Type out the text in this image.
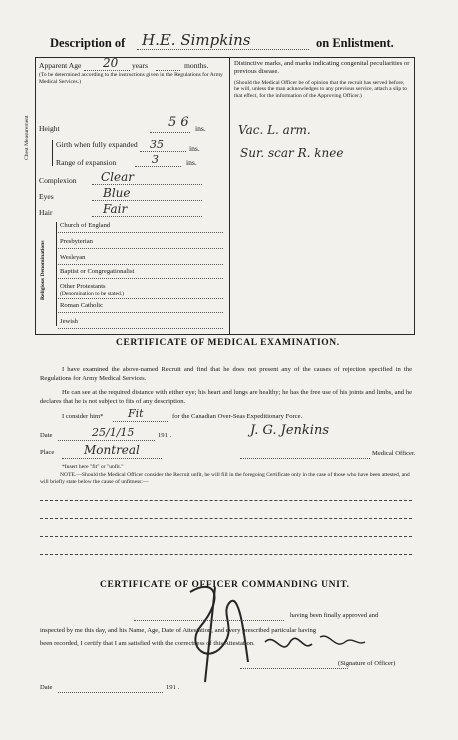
Description of H.E. Simpkins	on Enlistment.
Apparent Age 20 years	months.
(To be determined according to the instructions given in the Regulations for Army Medical Services.)
Height	5 6 ins.
Chest Measurement	Girth when fully expanded	35	ins.
Range of expansion	3	ins.
Complexion Clear
Eyes	Blue
Hair	Fair
Religious Denominations
Church of England
Presbyterian
Wesleyan
Baptist or Congregationalist
Other Protestants
(Denomination to be stated.)
Roman Catholic
Jewish
Distinctive marks, and marks indicating congenital peculiarities or previous disease.
(Should the Medical Officer be of opinion that the recruit has served before, he will, unless the man acknowledges to any previous service, attach a slip to that effect, for the information of the Approving Officer.)
Vac. L. arm.
Sur. scar R. knee
CERTIFICATE OF MEDICAL EXAMINATION.
I have examined the above-named Recruit and find that he does not present any of the causes of rejection specified in the Regulations for Army Medical Services.
He can see at the required distance with either eye; his heart and lungs are healthy; he has the free use of his joints and limbs, and he declares that he is not subject to fits of any description.
I consider him* Fit	for the Canadian Over-Seas Expeditionary Force.
Date	25/1/15	191 .	J. G. Jenkins
Place Montreal	Medical Officer.
*Insert here "fit" or "unfit."
NOTE.—Should the Medical Officer consider the Recruit unfit, he will fill in the foregoing Certificate only in the case of those who have been attested, and will briefly state below the cause of unfitness:—
CERTIFICATE OF OFFICER COMMANDING UNIT.
having been finally approved and
inspected by me this day, and his Name, Age, Date of Attestation, and every prescribed particular having
been recorded, I certify that I am satisfied with the correctness of this Attestation.
(Signature of Officer)
Date	191 .
